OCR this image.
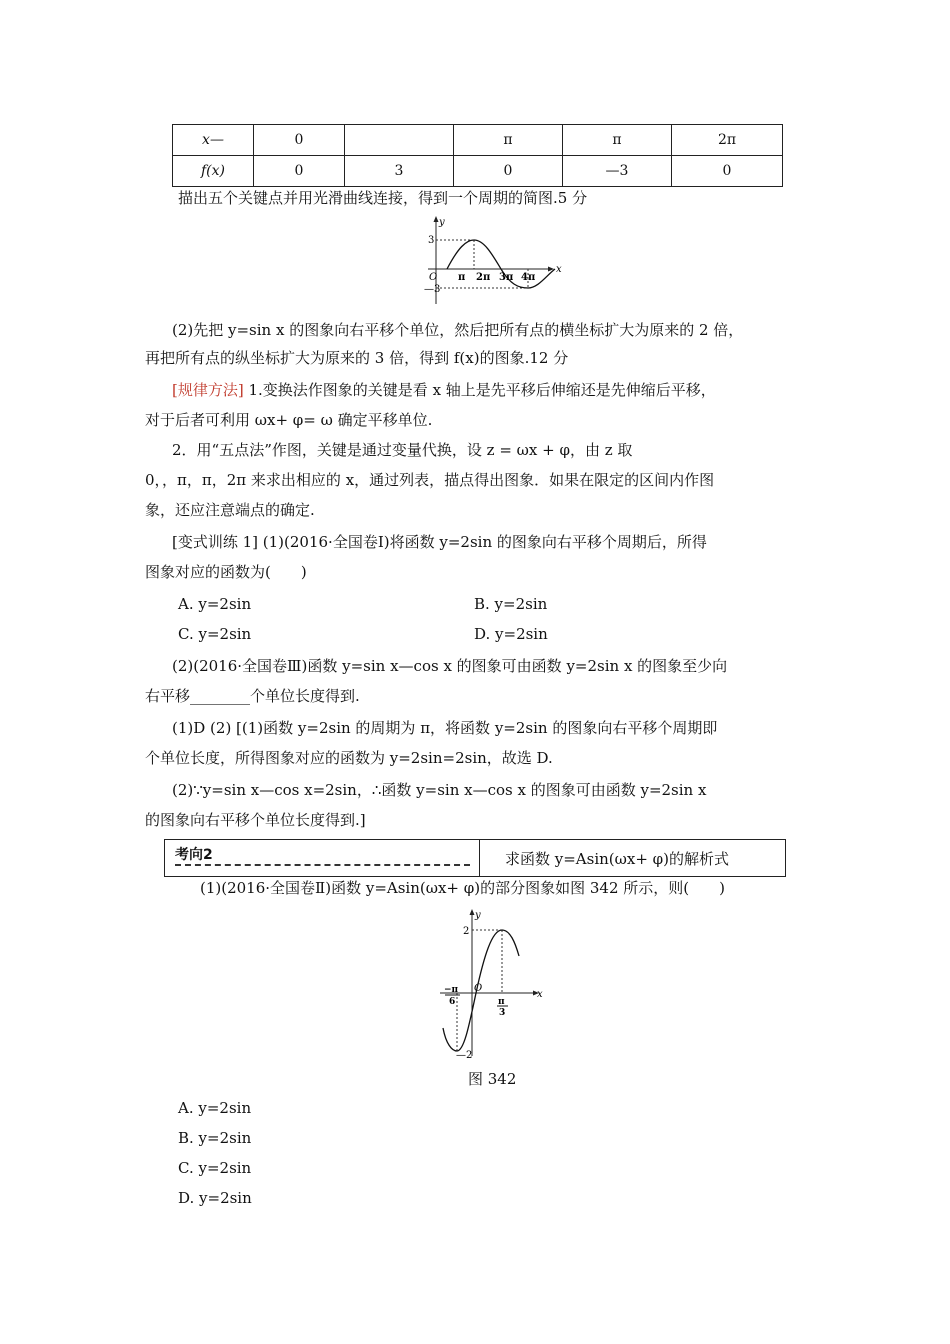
x—	0		π	π	2π
f(x)	0	3	0	—3	0
描出五个关键点并用光滑曲线连接，得到一个周期的简图.5 分
y
x
O
3
—3
π 2π 3π 4π
(2)先把 y=sin x 的图象向右平移个单位，然后把所有点的横坐标扩大为原来的 2 倍，
再把所有点的纵坐标扩大为原来的 3 倍，得到 f(x)的图象.12 分
[规律方法] 1.变换法作图象的关键是看 x 轴上是先平移后伸缩还是先伸缩后平移，
对于后者可利用 ωx+ φ= ω 确定平移单位.
2．用“五点法”作图，关键是通过变量代换，设 z = ωx + φ，由 z 取
0，，π，π，2π 来求出相应的 x，通过列表，描点得出图象．如果在限定的区间内作图
象，还应注意端点的确定.
[变式训练 1] (1)(2016·全国卷Ⅰ)将函数 y=2sin 的图象向右平移个周期后，所得
图象对应的函数为(　　)
A. y=2sin	B. y=2sin
C. y=2sin	D. y=2sin
(2)(2016·全国卷Ⅲ)函数 y=sin x—cos x 的图象可由函数 y=2sin x 的图象至少向
右平移________个单位长度得到.
(1)D (2) [(1)函数 y=2sin 的周期为 π，将函数 y=2sin 的图象向右平移个周期即
个单位长度，所得图象对应的函数为 y=2sin=2sin，故选 D.
(2)∵y=sin x—cos x=2sin，∴函数 y=sin x—cos x 的图象可由函数 y=2sin x
的图象向右平移个单位长度得到.]
考向2	求函数 y=Asin(ωx+ φ)的解析式
(1)(2016·全国卷Ⅱ)函数 y=Asin(ωx+ φ)的部分图象如图 342 所示，则(　　)
y
x
O
2
—2
−π
6	π
3
图 342
A. y=2sin
B. y=2sin
C. y=2sin
D. y=2sin
